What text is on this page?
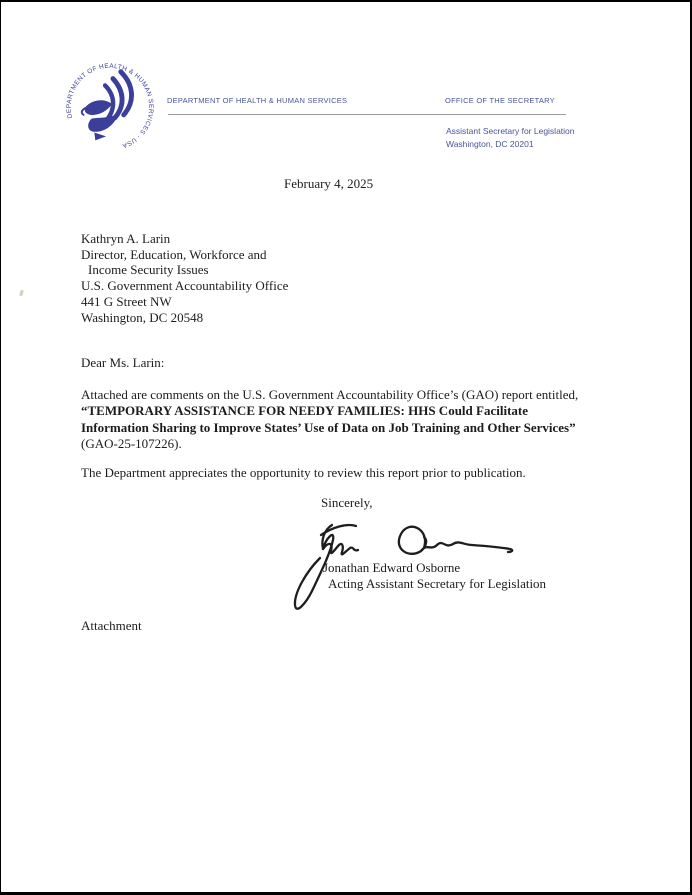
DEPARTMENT OF HEALTH & HUMAN SERVICES · USA
DEPARTMENT OF HEALTH & HUMAN SERVICES	OFFICE OF THE SECRETARY
Assistant Secretary for Legislation
Washington, DC 20201
February 4, 2025
Kathryn A. Larin
Director, Education, Workforce and
Income Security Issues
U.S. Government Accountability Office
441 G Street NW
Washington, DC 20548
Dear Ms. Larin:
Attached are comments on the U.S. Government Accountability Office’s (GAO) report entitled,
“TEMPORARY ASSISTANCE FOR NEEDY FAMILIES: HHS Could Facilitate
Information Sharing to Improve States’ Use of Data on Job Training and Other Services”
(GAO-25-107226).
The Department appreciates the opportunity to review this report prior to publication.
Sincerely,
Jonathan Edward Osborne
Acting Assistant Secretary for Legislation
Attachment
